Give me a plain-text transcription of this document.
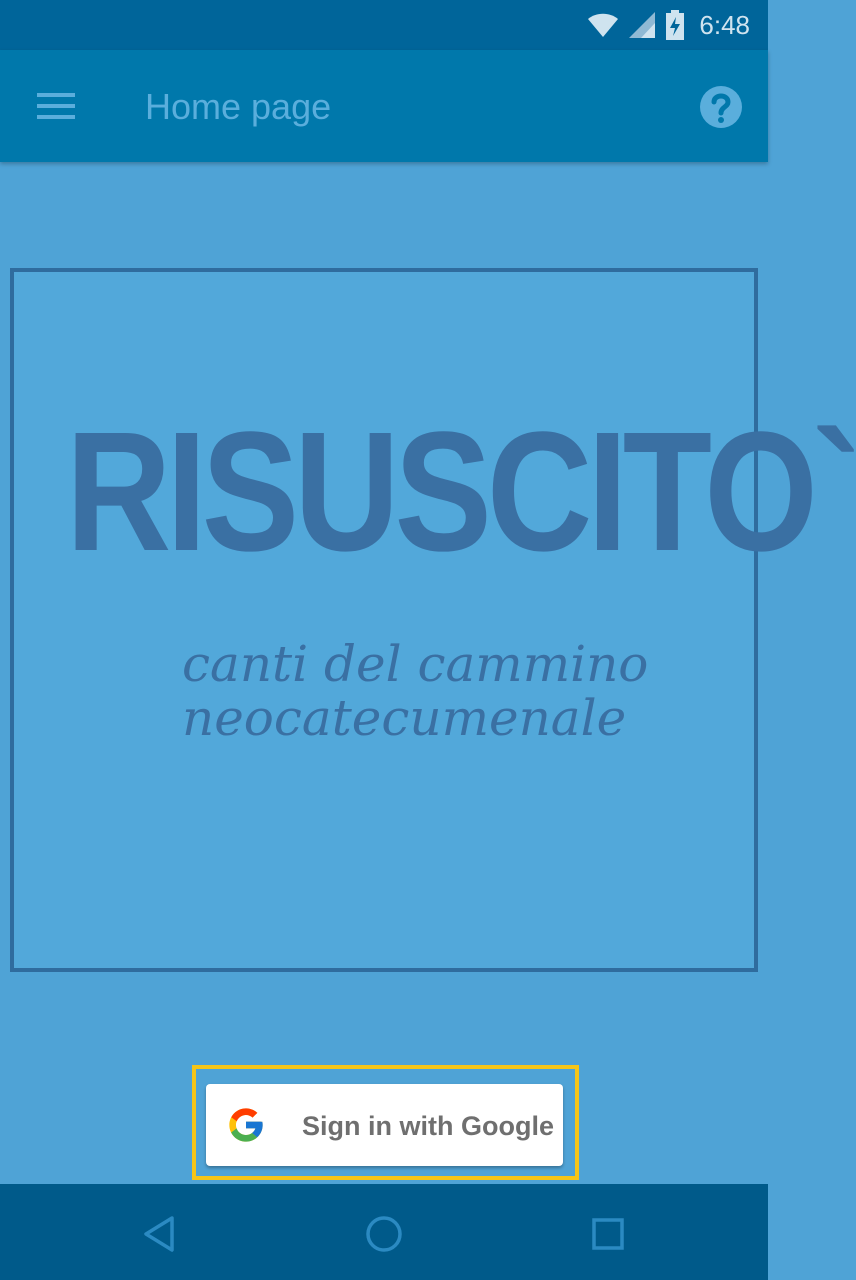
6:48
Home page
RISUSCITO`
canti del cammino
neocatecumenale
Sign in with Google
